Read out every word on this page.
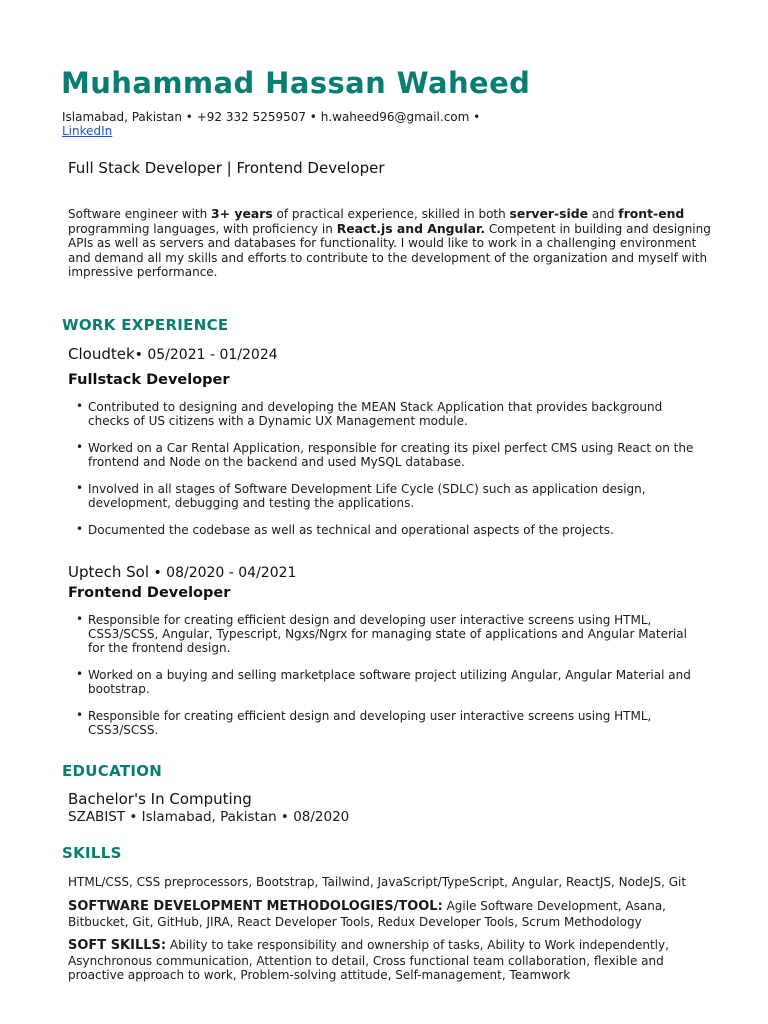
Muhammad Hassan Waheed
Islamabad, Pakistan • +92 332 5259507 • h.waheed96@gmail.com •
LinkedIn
Full Stack Developer | Frontend Developer
Software engineer with 3+ years of practical experience, skilled in both server-side and front-end programming languages, with proficiency in React.js and Angular. Competent in building and designing APIs as well as servers and databases for functionality. I would like to work in a challenging environment and demand all my skills and efforts to contribute to the development of the organization and myself with impressive performance.
WORK EXPERIENCE
Cloudtek• 05/2021 - 01/2024
Fullstack Developer
• Contributed to designing and developing the MEAN Stack Application that provides background checks of US citizens with a Dynamic UX Management module.
• Worked on a Car Rental Application, responsible for creating its pixel perfect CMS using React on the frontend and Node on the backend and used MySQL database.
• Involved in all stages of Software Development Life Cycle (SDLC) such as application design, development, debugging and testing the applications.
• Documented the codebase as well as technical and operational aspects of the projects.
Uptech Sol • 08/2020 - 04/2021
Frontend Developer
• Responsible for creating efficient design and developing user interactive screens using HTML, CSS3/SCSS, Angular, Typescript, Ngxs/Ngrx for managing state of applications and Angular Material for the frontend design.
• Worked on a buying and selling marketplace software project utilizing Angular, Angular Material and bootstrap.
• Responsible for creating efficient design and developing user interactive screens using HTML, CSS3/SCSS.
EDUCATION
Bachelor's In Computing
SZABIST • Islamabad, Pakistan • 08/2020
SKILLS
HTML/CSS, CSS preprocessors, Bootstrap, Tailwind, JavaScript/TypeScript, Angular, ReactJS, NodeJS, Git
SOFTWARE DEVELOPMENT METHODOLOGIES/TOOL: Agile Software Development, Asana, Bitbucket, Git, GitHub, JIRA, React Developer Tools, Redux Developer Tools, Scrum Methodology
SOFT SKILLS: Ability to take responsibility and ownership of tasks, Ability to Work independently, Asynchronous communication, Attention to detail, Cross functional team collaboration, flexible and proactive approach to work, Problem-solving attitude, Self-management, Teamwork
